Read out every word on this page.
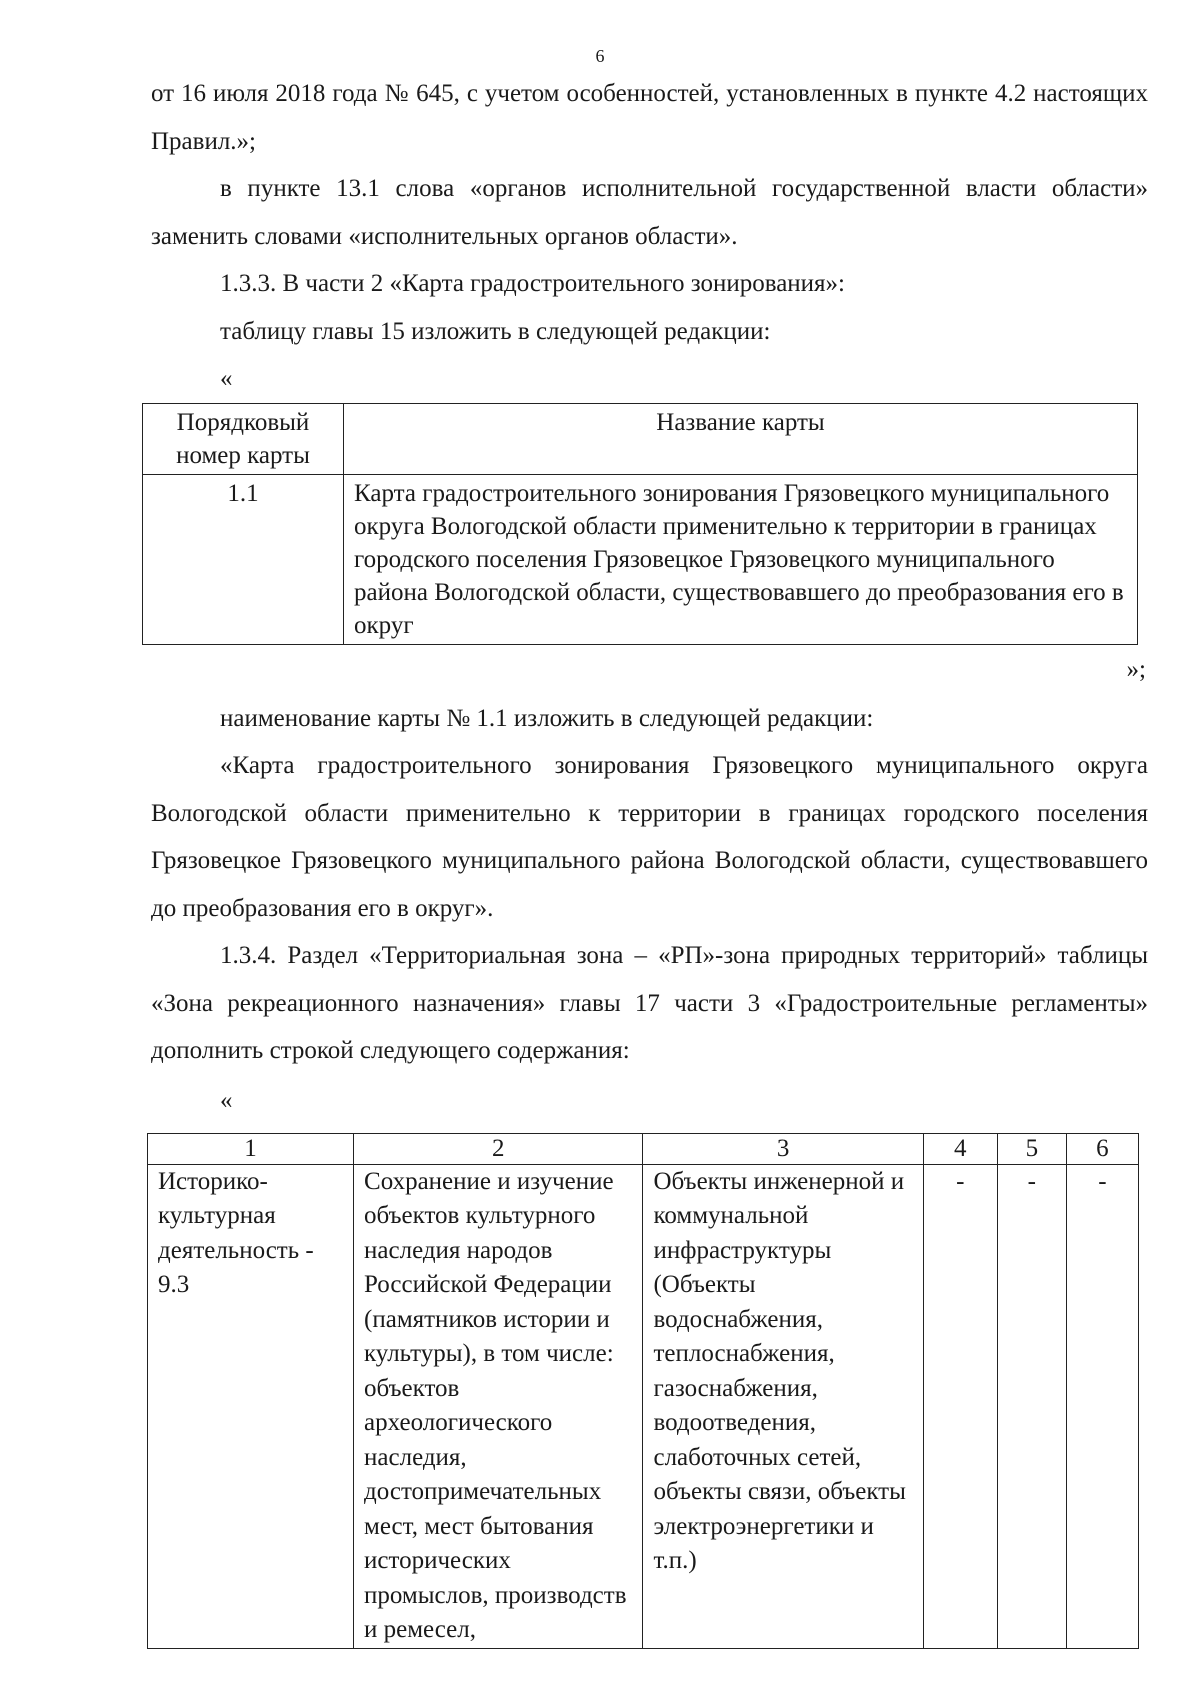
6

от 16 июля 2018 года № 645, с учетом особенностей, установленных в пункте 4.2 настоящих Правил.»;

в пункте 13.1 слова «органов исполнительной государственной власти области» заменить словами «исполнительных органов области».

1.3.3. В части 2 «Карта градостроительного зонирования»:

таблицу главы 15 изложить в следующей редакции:

«

Порядковый номер карты	Название карты
1.1	Карта градостроительного зонирования Грязовецкого муниципального округа Вологодской области применительно к территории в границах городского поселения Грязовецкое Грязовецкого муниципального района Вологодской области, существовавшего до преобразования его в округ

»;

наименование карты № 1.1 изложить в следующей редакции:

«Карта градостроительного зонирования Грязовецкого муниципального округа Вологодской области применительно к территории в границах городского поселения Грязовецкое Грязовецкого муниципального района Вологодской области, существовавшего до преобразования его в округ».

1.3.4. Раздел «Территориальная зона – «РП»-зона природных территорий» таблицы «Зона рекреационного назначения» главы 17 части 3 «Градостроительные регламенты» дополнить строкой следующего содержания:

«

1	2	3	4	5	6
Историко-культурная деятельность - 9.3	Сохранение и изучение объектов культурного наследия народов Российской Федерации (памятников истории и культуры), в том числе: объектов археологического наследия, достопримечательных мест, мест бытования исторических промыслов, производств и ремесел,	Объекты инженерной и коммунальной инфраструктуры (Объекты водоснабжения, теплоснабжения, газоснабжения, водоотведения, слаботочных сетей, объекты связи, объекты электроэнергетики и т.п.)	-	-	-
